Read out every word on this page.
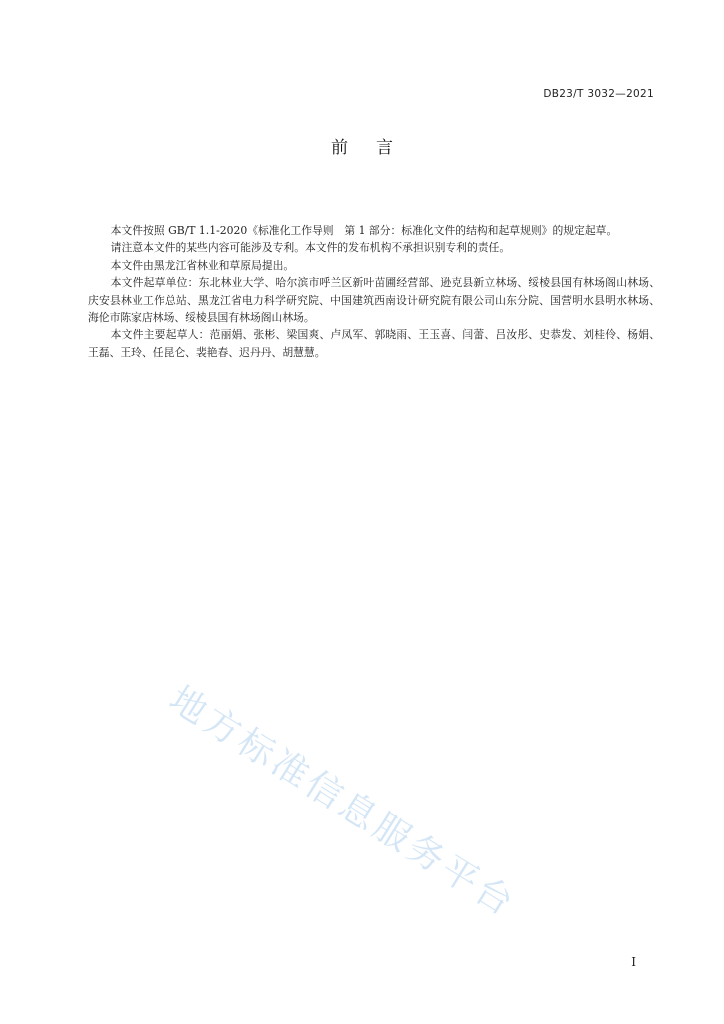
DB23/T 3032—2021
前言

本文件按照 GB/T 1.1-2020《标准化工作导则　第 1 部分：标准化文件的结构和起草规则》的规定起草。

请注意本文件的某些内容可能涉及专利。本文件的发布机构不承担识别专利的责任。

本文件由黑龙江省林业和草原局提出。

本文件起草单位：东北林业大学、哈尔滨市呼兰区新叶苗圃经营部、逊克县新立林场、绥棱县国有林场阁山林场、庆安县林业工作总站、黑龙江省电力科学研究院、中国建筑西南设计研究院有限公司山东分院、国营明水县明水林场、海伦市陈家店林场、绥棱县国有林场阁山林场。

本文件主要起草人：范丽娟、张彬、梁国爽、卢凤军、郭晓雨、王玉喜、闫蕾、吕汝彤、史恭发、刘桂伶、杨娟、王磊、王玲、任昆仑、裴艳春、迟丹丹、胡慧慧。

地方标准信息服务平台
I
